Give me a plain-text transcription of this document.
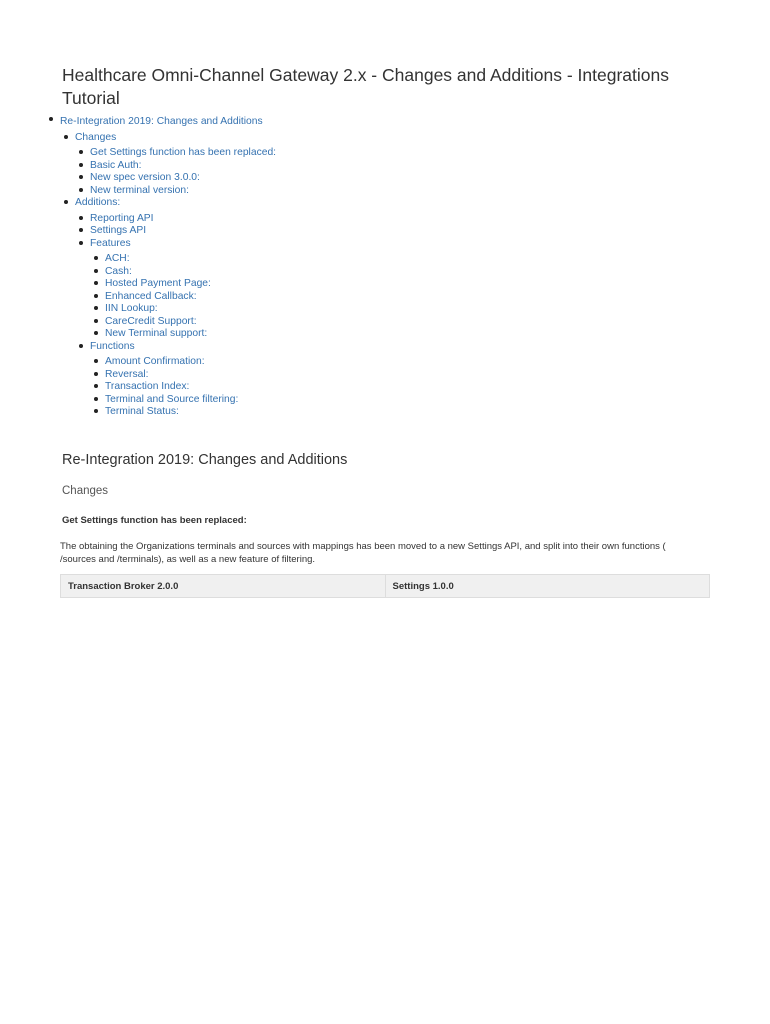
Healthcare Omni-Channel Gateway 2.x - Changes and Additions - Integrations Tutorial
Re-Integration 2019: Changes and Additions
Changes
Get Settings function has been replaced:
Basic Auth:
New spec version 3.0.0:
New terminal version:
Additions:
Reporting API
Settings API
Features
ACH:
Cash:
Hosted Payment Page:
Enhanced Callback:
IIN Lookup:
CareCredit Support:
New Terminal support:
Functions
Amount Confirmation:
Reversal:
Transaction Index:
Terminal and Source filtering:
Terminal Status:
Re-Integration 2019: Changes and Additions
Changes
Get Settings function has been replaced:

The obtaining the Organizations terminals and sources with mappings has been moved to a new Settings API, and split into their own functions (
/sources and /terminals), as well as a new feature of filtering.

Transaction Broker 2.0.0	Settings 1.0.0
